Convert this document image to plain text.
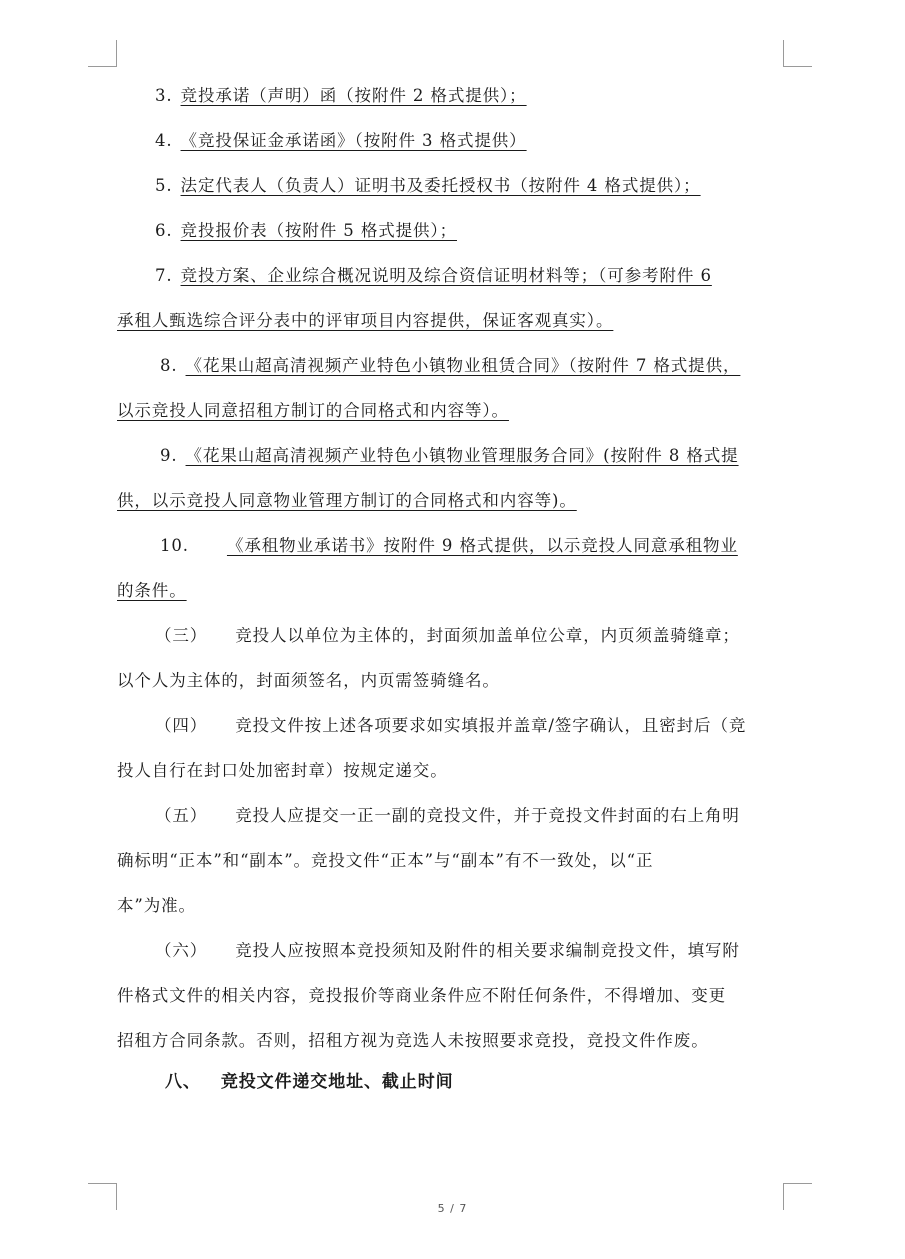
3. 竞投承诺（声明）函（按附件 2 格式提供）；
4. 《竞投保证金承诺函》（按附件 3 格式提供）
5. 法定代表人（负责人）证明书及委托授权书（按附件 4 格式提供）；
6. 竞投报价表（按附件 5 格式提供）；
7. 竞投方案、企业综合概况说明及综合资信证明材料等；（可参考附件 6
承租人甄选综合评分表中的评审项目内容提供，保证客观真实）。
8. 《花果山超高清视频产业特色小镇物业租赁合同》（按附件 7 格式提供，
以示竞投人同意招租方制订的合同格式和内容等）。
9. 《花果山超高清视频产业特色小镇物业管理服务合同》(按附件 8 格式提
供，以示竞投人同意物业管理方制订的合同格式和内容等)。
10. 《承租物业承诺书》按附件 9 格式提供，以示竞投人同意承租物业
的条件。
（三） 竞投人以单位为主体的，封面须加盖单位公章，内页须盖骑缝章；
以个人为主体的，封面须签名，内页需签骑缝名。
（四） 竞投文件按上述各项要求如实填报并盖章/签字确认，且密封后（竞
投人自行在封口处加密封章）按规定递交。
（五） 竞投人应提交一正一副的竞投文件，并于竞投文件封面的右上角明
确标明“正本”和“副本”。竞投文件“正本”与“副本”有不一致处，以“正
本”为准。
（六） 竞投人应按照本竞投须知及附件的相关要求编制竞投文件，填写附
件格式文件的相关内容，竞投报价等商业条件应不附任何条件，不得增加、变更
招租方合同条款。否则，招租方视为竞选人未按照要求竞投，竞投文件作废。
八、 竞投文件递交地址、截止时间
5 / 7
